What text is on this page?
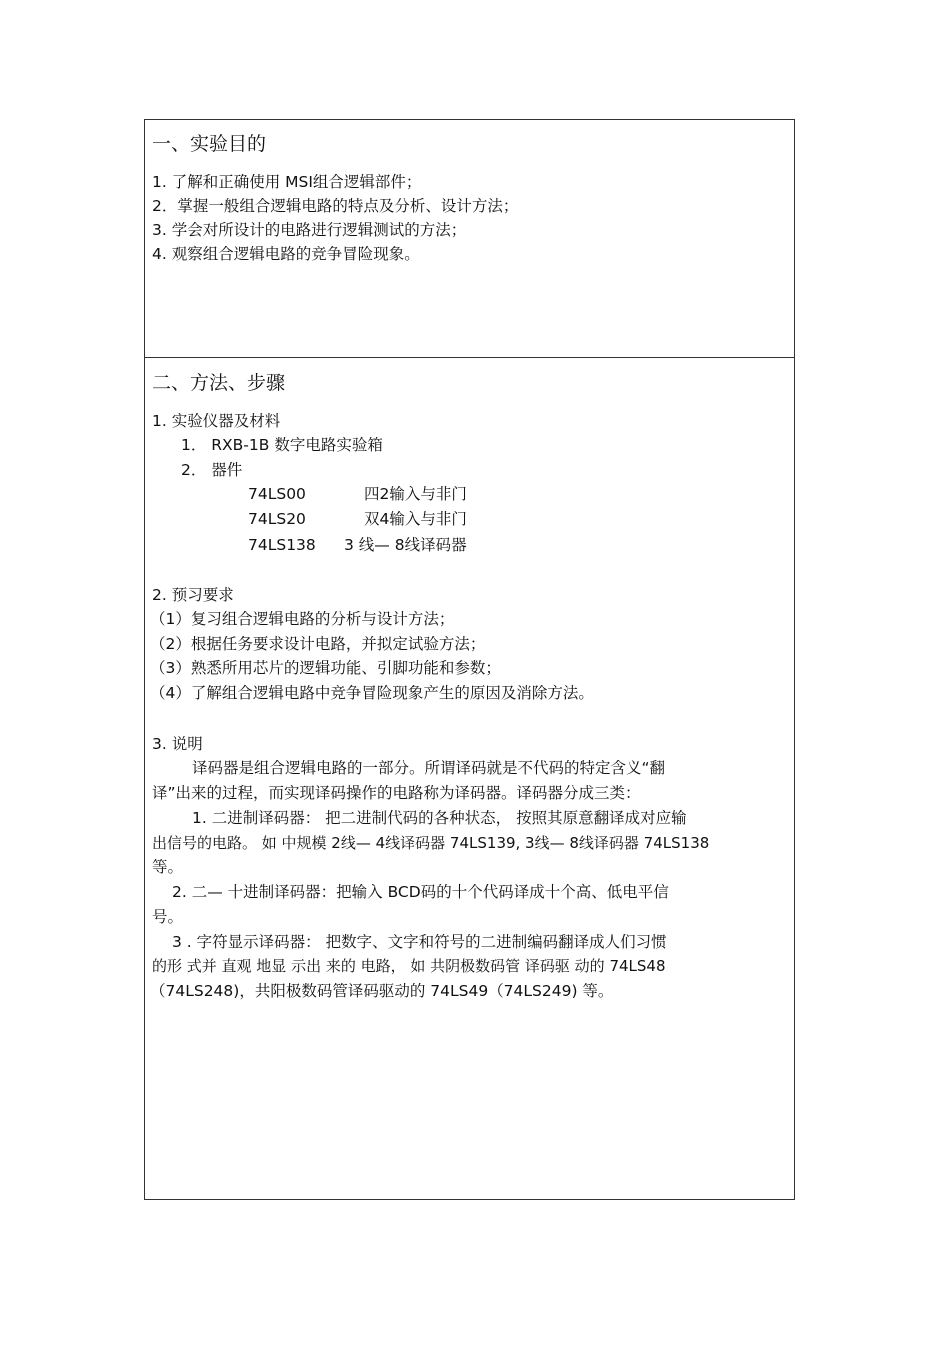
一、实验目的
1. 了解和正确使用 MSI组合逻辑部件；
2．掌握一般组合逻辑电路的特点及分析、设计方法；
3. 学会对所设计的电路进行逻辑测试的方法；
4. 观察组合逻辑电路的竞争冒险现象。
二、方法、步骤
1. 实验仪器及材料
1． RXB-1B 数字电路实验箱
2． 器件
74LS00	四2输入与非门
74LS20	双4输入与非门
74LS138 3 线— 8线译码器
2. 预习要求
（1）复习组合逻辑电路的分析与设计方法；
（2）根据任务要求设计电路，并拟定试验方法；
（3）熟悉所用芯片的逻辑功能、引脚功能和参数；
（4）了解组合逻辑电路中竞争冒险现象产生的原因及消除方法。
3. 说明
译码器是组合逻辑电路的一部分。所谓译码就是不代码的特定含义“翻
译”出来的过程，而实现译码操作的电路称为译码器。译码器分成三类：
1. 二进制译码器： 把二进制代码的各种状态， 按照其原意翻译成对应输
出信号的电路。 如 中规模 2线— 4线译码器 74LS139, 3线— 8线译码器 74LS138
等。
2. 二— 十进制译码器：把输入 BCD码的十个代码译成十个高、低电平信
号。
3 . 字符显示译码器： 把数字、文字和符号的二进制编码翻译成人们习惯
的形 式并 直观 地显 示出 来的 电路， 如 共阴极数码管 译码驱 动的 74LS48
（74LS248)，共阳极数码管译码驱动的 74LS49（74LS249) 等。
